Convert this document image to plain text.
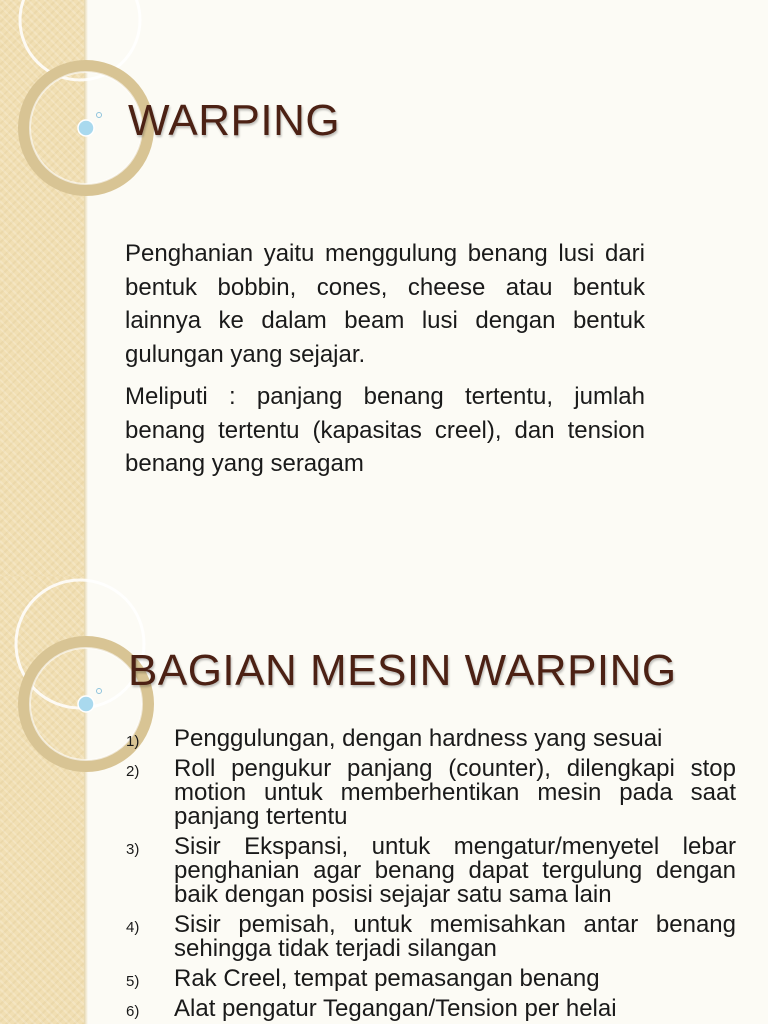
WARPING

Penghanian yaitu menggulung benang lusi dari bentuk bobbin, cones, cheese atau bentuk lainnya ke dalam beam lusi dengan bentuk gulungan yang sejajar.

Meliputi : panjang benang tertentu, jumlah benang tertentu (kapasitas creel), dan tension benang yang seragam

BAGIAN MESIN WARPING
1)	Penggulungan, dengan hardness yang sesuai
2)	Roll pengukur panjang (counter), dilengkapi stop motion untuk memberhentikan mesin pada saat panjang tertentu
3)	Sisir Ekspansi, untuk mengatur/menyetel lebar penghanian agar benang dapat tergulung dengan baik dengan posisi sejajar satu sama lain
4)	Sisir pemisah, untuk memisahkan antar benang sehingga tidak terjadi silangan
5)	Rak Creel, tempat pemasangan benang
6)	Alat pengatur Tegangan/Tension per helai
